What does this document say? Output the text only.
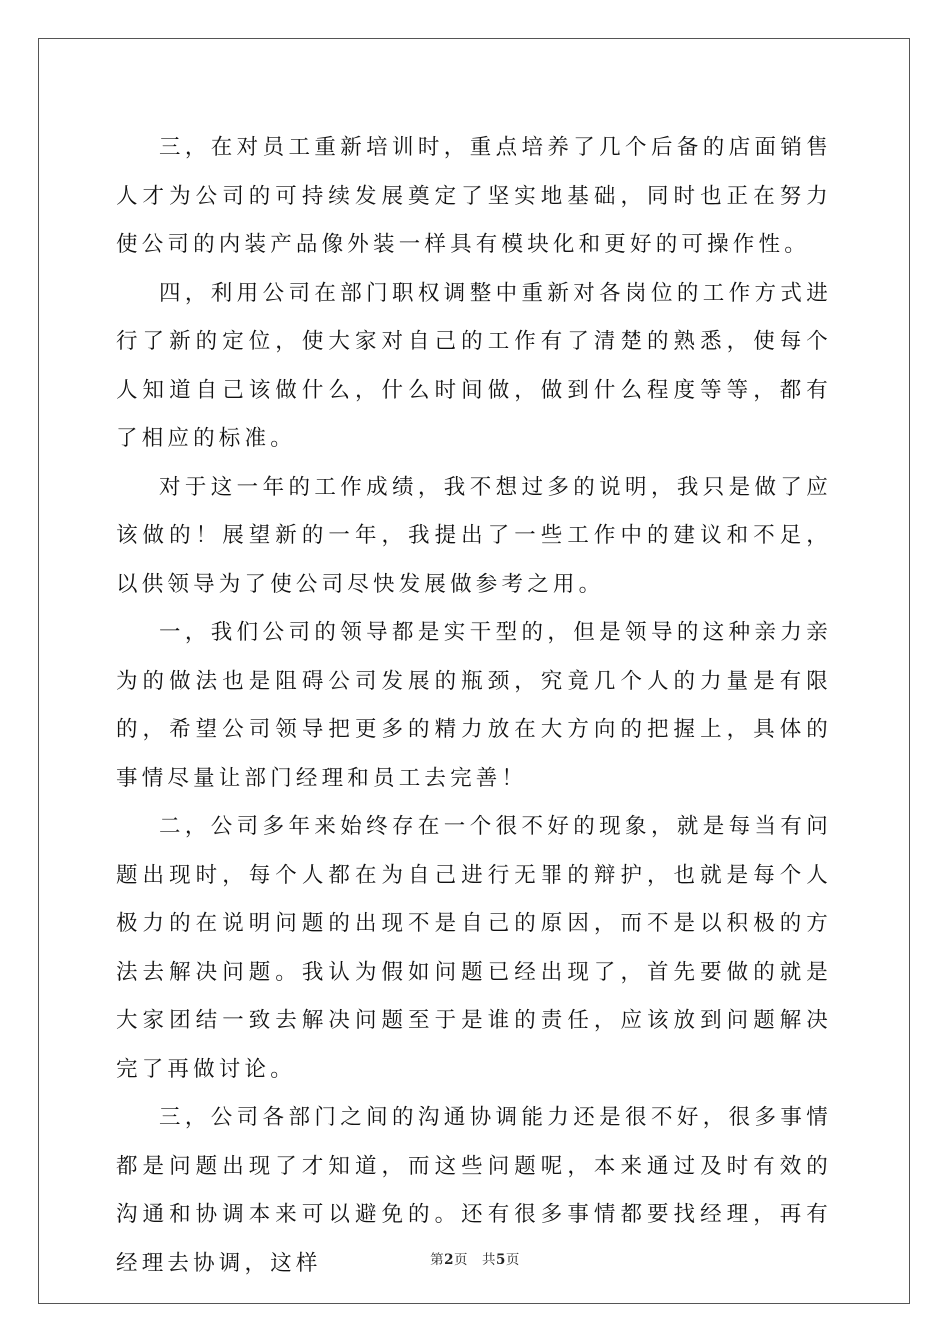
三，在对员工重新培训时，重点培养了几个后备的店面销售人才为公司的可持续发展奠定了坚实地基础，同时也正在努力使公司的内装产品像外装一样具有模块化和更好的可操作性。

四，利用公司在部门职权调整中重新对各岗位的工作方式进行了新的定位，使大家对自己的工作有了清楚的熟悉，使每个人知道自己该做什么，什么时间做，做到什么程度等等，都有了相应的标准。

对于这一年的工作成绩，我不想过多的说明，我只是做了应该做的！展望新的一年，我提出了一些工作中的建议和不足，以供领导为了使公司尽快发展做参考之用。

一，我们公司的领导都是实干型的，但是领导的这种亲力亲为的做法也是阻碍公司发展的瓶颈，究竟几个人的力量是有限的，希望公司领导把更多的精力放在大方向的把握上，具体的事情尽量让部门经理和员工去完善！

二，公司多年来始终存在一个很不好的现象，就是每当有问题出现时，每个人都在为自己进行无罪的辩护，也就是每个人极力的在说明问题的出现不是自己的原因，而不是以积极的方法去解决问题。我认为假如问题已经出现了，首先要做的就是大家团结一致去解决问题至于是谁的责任，应该放到问题解决完了再做讨论。

三，公司各部门之间的沟通协调能力还是很不好，很多事情都是问题出现了才知道，而这些问题呢，本来通过及时有效的沟通和协调本来可以避免的。还有很多事情都要找经理，再有经理去协调，这样	第2页 共5页
